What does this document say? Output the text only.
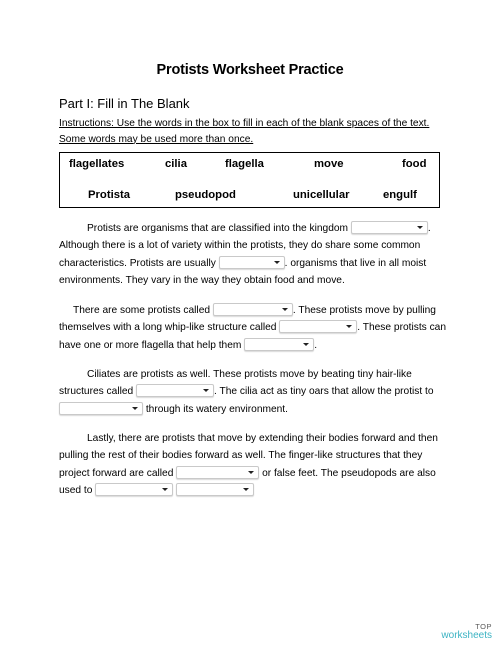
Protists Worksheet Practice
Part I: Fill in The Blank
Instructions: Use the words in the box to fill in each of the blank spaces of the text. Some words may be used more than once.
flagellates	cilia	flagella	move	food
Protista	pseudopod	unicellular	engulf
Protists are organisms that are classified into the kingdom	. Although there is a lot of variety within the protists, they do share some common characteristics. Protists are usually	. organisms that live in all moist environments. They vary in the way they obtain food and move.
There are some protists called	. These protists move by pulling themselves with a long whip-like structure called	. These protists can have one or more flagella that help them	.
Ciliates are protists as well. These protists move by beating tiny hair-like structures called	. The cilia act as tiny oars that allow the protist to  through its watery environment.
Lastly, there are protists that move by extending their bodies forward and then pulling the rest of their bodies forward as well. The finger-like structures that they project forward are called	or false feet. The pseudopods are also used to
TOP
worksheets
